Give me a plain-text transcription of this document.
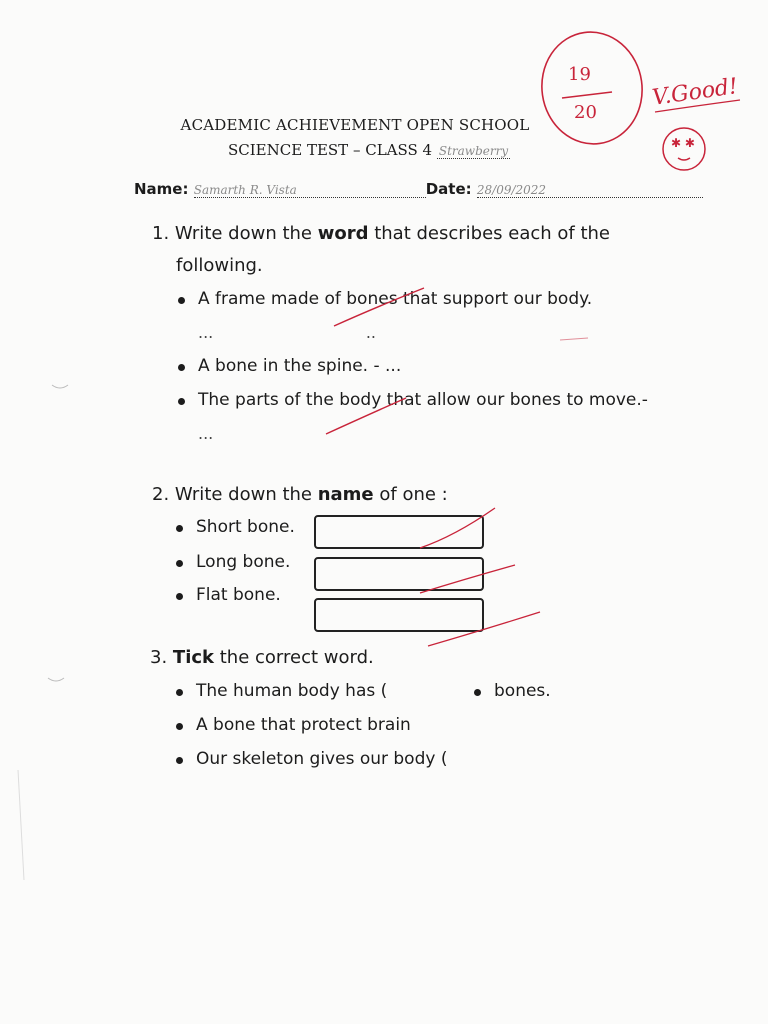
ACADEMIC ACHIEVEMENT OPEN SCHOOL
SCIENCE TEST – CLASS 4 Strawberry
Name: Samarth R. Vista	Date: 28/09/2022
1. Write down the word that describes each of the
following.
A frame made of bones that support our body.
...                              ..
A bone in the spine. - ...
The parts of the body that allow our bones to move.-
...
2. Write down the name of one :
Short bone.
Long bone.
Flat bone.
3. Tick the correct word.
The human body has (	bones.
A bone that protect brain
Our skeleton gives our body (
✱ ✱
19
20
V.Good!
